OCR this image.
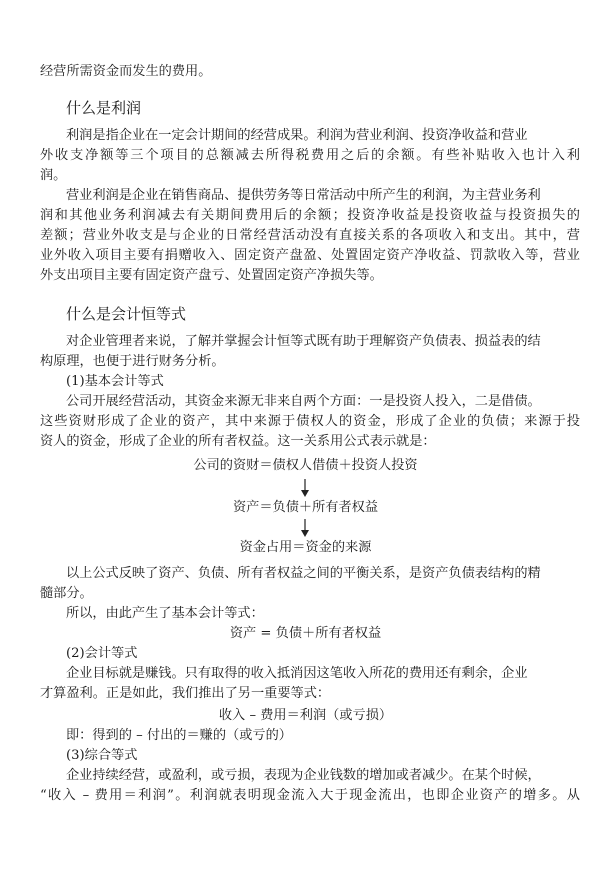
经营所需资金而发生的费用。
什么是利润
利润是指企业在一定会计期间的经营成果。利润为营业利润、投资净收益和营业
外收支净额等三个项目的总额减去所得税费用之后的余额。有些补贴收入也计入利
润。
营业利润是企业在销售商品、提供劳务等日常活动中所产生的利润，为主营业务利
润和其他业务利润减去有关期间费用后的余额；投资净收益是投资收益与投资损失的
差额；营业外收支是与企业的日常经营活动没有直接关系的各项收入和支出。其中，营
业外收入项目主要有捐赠收入、固定资产盘盈、处置固定资产净收益、罚款收入等，营业
外支出项目主要有固定资产盘亏、处置固定资产净损失等。
什么是会计恒等式
对企业管理者来说，了解并掌握会计恒等式既有助于理解资产负债表、损益表的结
构原理，也便于进行财务分析。
(1)基本会计等式
公司开展经营活动，其资金来源无非来自两个方面：一是投资人投入，二是借债。
这些资财形成了企业的资产，其中来源于债权人的资金，形成了企业的负债；来源于投
资人的资金，形成了企业的所有者权益。这一关系用公式表示就是：
公司的资财＝债权人借债＋投资人投资
资产＝负债＋所有者权益
资金占用＝资金的来源
以上公式反映了资产、负债、所有者权益之间的平衡关系，是资产负债表结构的精
髓部分。
所以，由此产生了基本会计等式：
资产 = 负债＋所有者权益
(2)会计等式
企业目标就是赚钱。只有取得的收入抵消因这笔收入所花的费用还有剩余，企业
才算盈利。正是如此，我们推出了另一重要等式：
收入 – 费用＝利润（或亏损）
即：得到的 – 付出的＝赚的（或亏的）
(3)综合等式
企业持续经营，或盈利，或亏损，表现为企业钱数的增加或者减少。在某个时候，
“收入 – 费用＝利润”。利润就表明现金流入大于现金流出，也即企业资产的增多。从
